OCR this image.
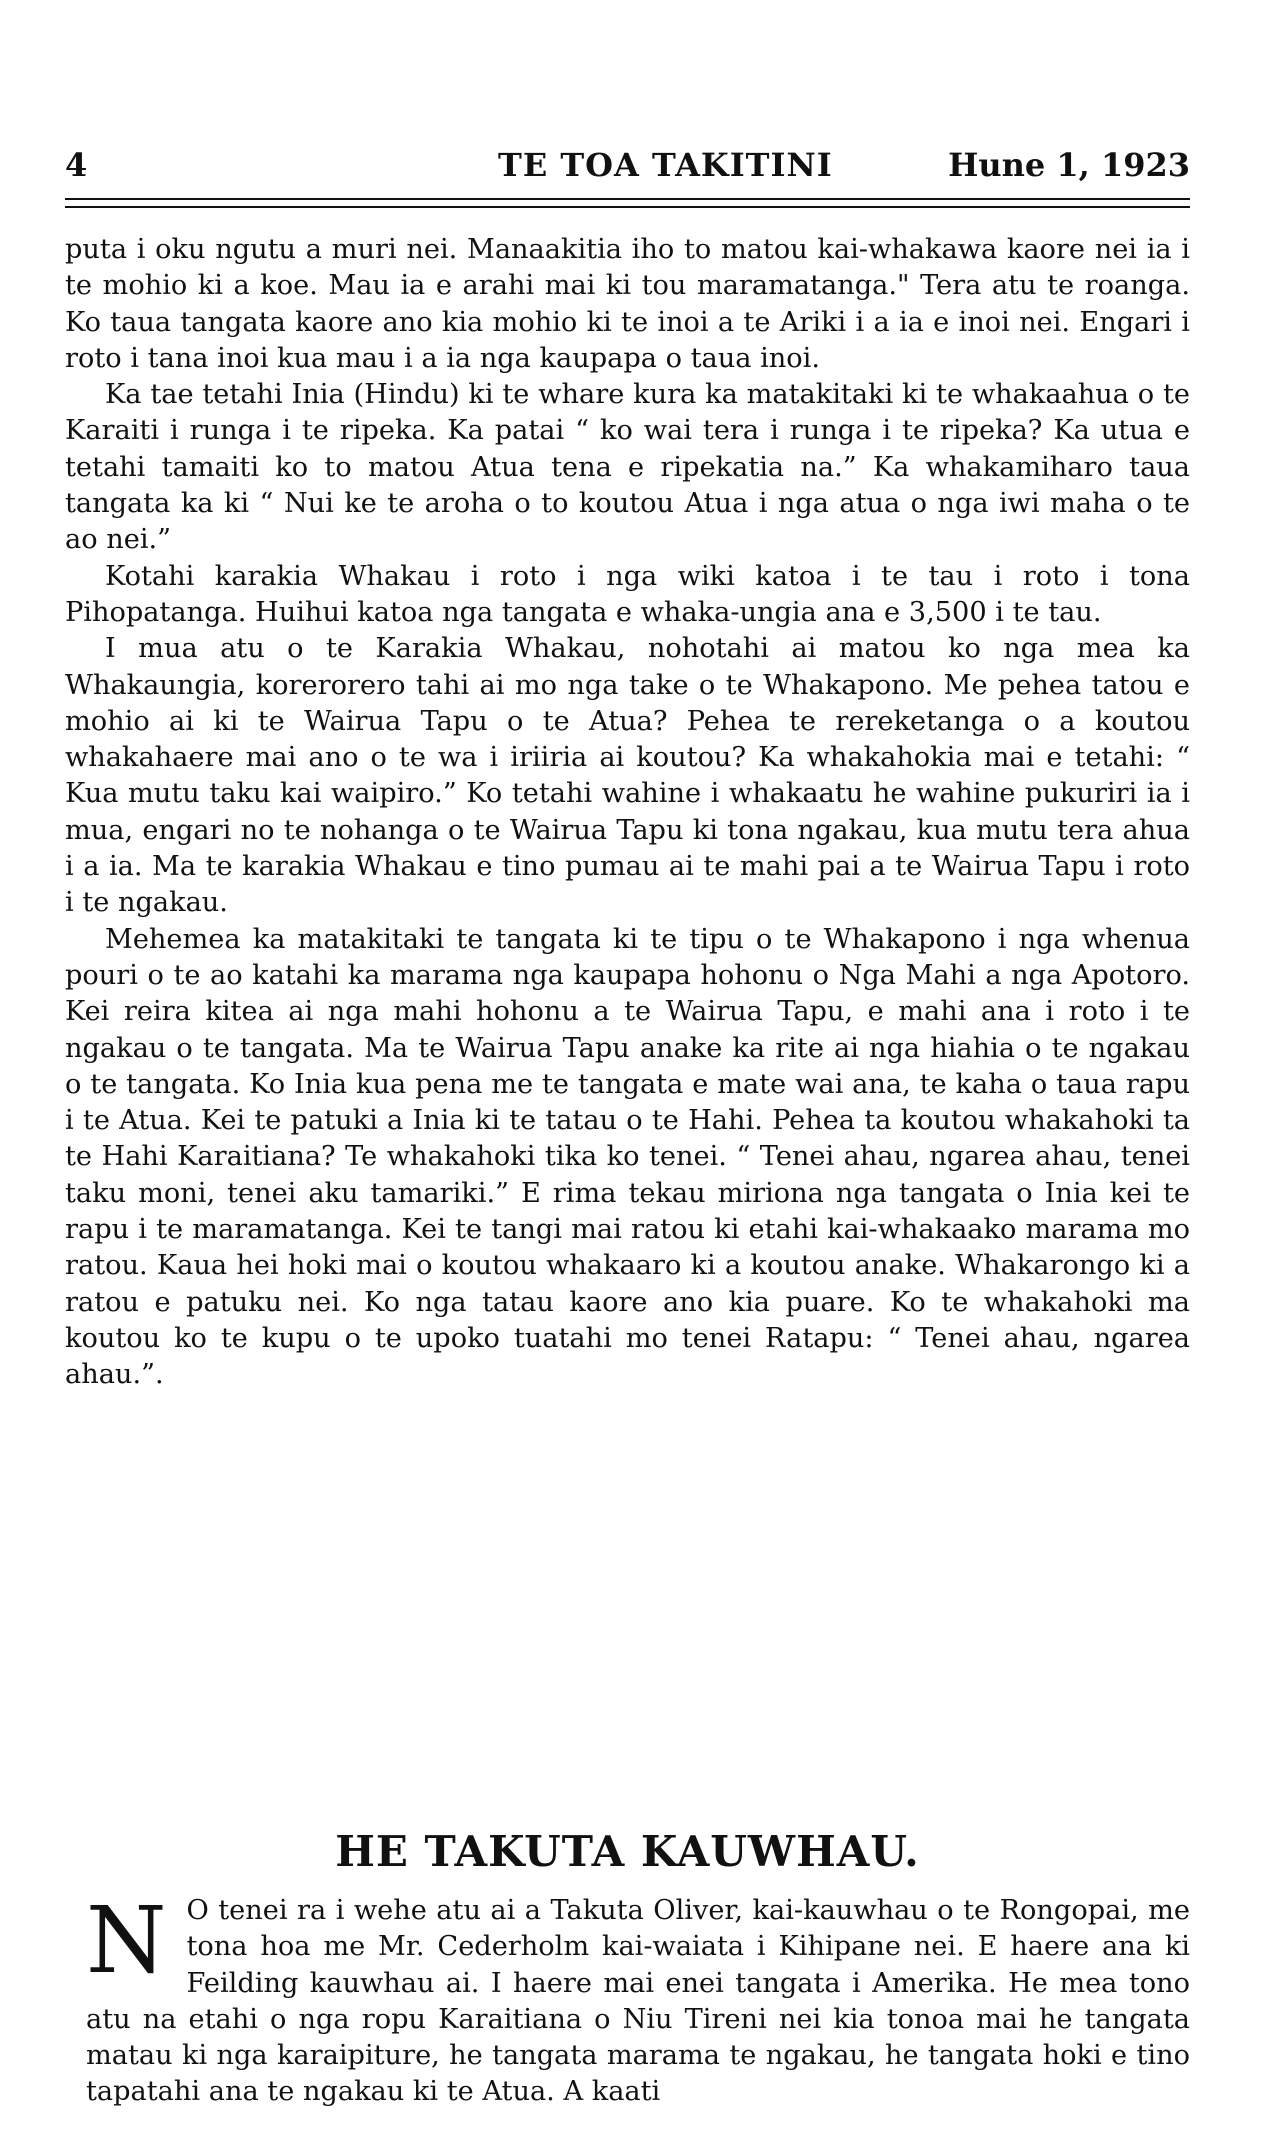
4	TE TOA TAKITINI	Hune 1, 1923

puta i oku ngutu a muri nei. Manaakitia iho to matou kai-whakawa kaore nei ia i te mohio ki a koe. Mau ia e arahi mai ki tou maramatanga." Tera atu te roanga. Ko taua tangata kaore ano kia mohio ki te inoi a te Ariki i a ia e inoi nei. Engari i roto i tana inoi kua mau i a ia nga kaupapa o taua inoi.

Ka tae tetahi Inia (Hindu) ki te whare kura ka matakitaki ki te whakaahua o te Karaiti i runga i te ripeka. Ka patai “ ko wai tera i runga i te ripeka? Ka utua e tetahi tamaiti ko to matou Atua tena e ripekatia na.” Ka whakamiharo taua tangata ka ki “ Nui ke te aroha o to koutou Atua i nga atua o nga iwi maha o te ao nei.”

Kotahi karakia Whakau i roto i nga wiki katoa i te tau i roto i tona Pihopatanga. Huihui katoa nga tangata e whaka-ungia ana e 3,500 i te tau.

I mua atu o te Karakia Whakau, nohotahi ai matou ko nga mea ka Whakaungia, korerorero tahi ai mo nga take o te Whakapono. Me pehea tatou e mohio ai ki te Wairua Tapu o te Atua? Pehea te rereketanga o a koutou whakahaere mai ano o te wa i iriiria ai koutou? Ka whakahokia mai e tetahi: “ Kua mutu taku kai waipiro.” Ko tetahi wahine i whakaatu he wahine pukuriri ia i mua, engari no te nohanga o te Wairua Tapu ki tona ngakau, kua mutu tera ahua i a ia. Ma te karakia Whakau e tino pumau ai te mahi pai a te Wairua Tapu i roto i te ngakau.

Mehemea ka matakitaki te tangata ki te tipu o te Whakapono i nga whenua pouri o te ao katahi ka marama nga kaupapa hohonu o Nga Mahi a nga Apotoro. Kei reira kitea ai nga mahi hohonu a te Wairua Tapu, e mahi ana i roto i te ngakau o te tangata. Ma te Wairua Tapu anake ka rite ai nga hiahia o te ngakau o te tangata. Ko Inia kua pena me te tangata e mate wai ana, te kaha o taua rapu i te Atua. Kei te patuki a Inia ki te tatau o te Hahi. Pehea ta koutou whakahoki ta te Hahi Karaitiana? Te whakahoki tika ko tenei. “ Tenei ahau, ngarea ahau, tenei taku moni, tenei aku tamariki.” E rima tekau miriona nga tangata o Inia kei te rapu i te maramatanga. Kei te tangi mai ratou ki etahi kai-whakaako marama mo ratou. Kaua hei hoki mai o koutou whakaaro ki a koutou anake. Whakarongo ki a ratou e patuku nei. Ko nga tatau kaore ano kia puare. Ko te whakahoki ma koutou ko te kupu o te upoko tuatahi mo tenei Ratapu: “ Tenei ahau, ngarea ahau.”.

HE TAKUTA KAUWHAU.

N O tenei ra i wehe atu ai a Takuta Oliver, kai-kauwhau o te Rongopai, me tona hoa me Mr. Cederholm kai-waiata i Kihipane nei. E haere ana ki Feilding kauwhau ai. I haere mai enei tangata i Amerika. He mea tono atu na etahi o nga ropu Karaitiana o Niu Tireni nei kia tonoa mai he tangata matau ki nga karaipiture, he tangata marama te ngakau, he tangata hoki e tino tapatahi ana te ngakau ki te Atua. A kaati
